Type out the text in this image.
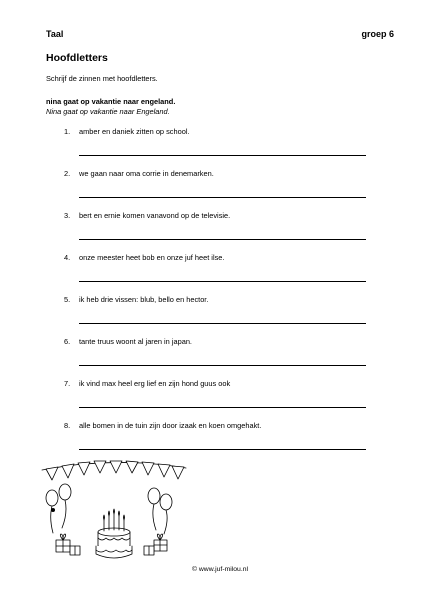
Taal	groep 6
Hoofdletters
Schrijf de zinnen met hoofdletters.
nina gaat op vakantie naar engeland.
Nina gaat op vakantie naar Engeland.
1. amber en daniek zitten op school.
2. we gaan naar oma corrie in denemarken.
3. bert en ernie komen vanavond op de televisie.
4. onze meester heet bob en onze juf heet ilse.
5. ik heb drie vissen: blub, bello en hector.
6. tante truus woont al jaren in japan.
7. ik vind max heel erg lief en zijn hond guus ook
8. alle bomen in de tuin zijn door izaak en koen omgehakt.
© www.juf-milou.nl
